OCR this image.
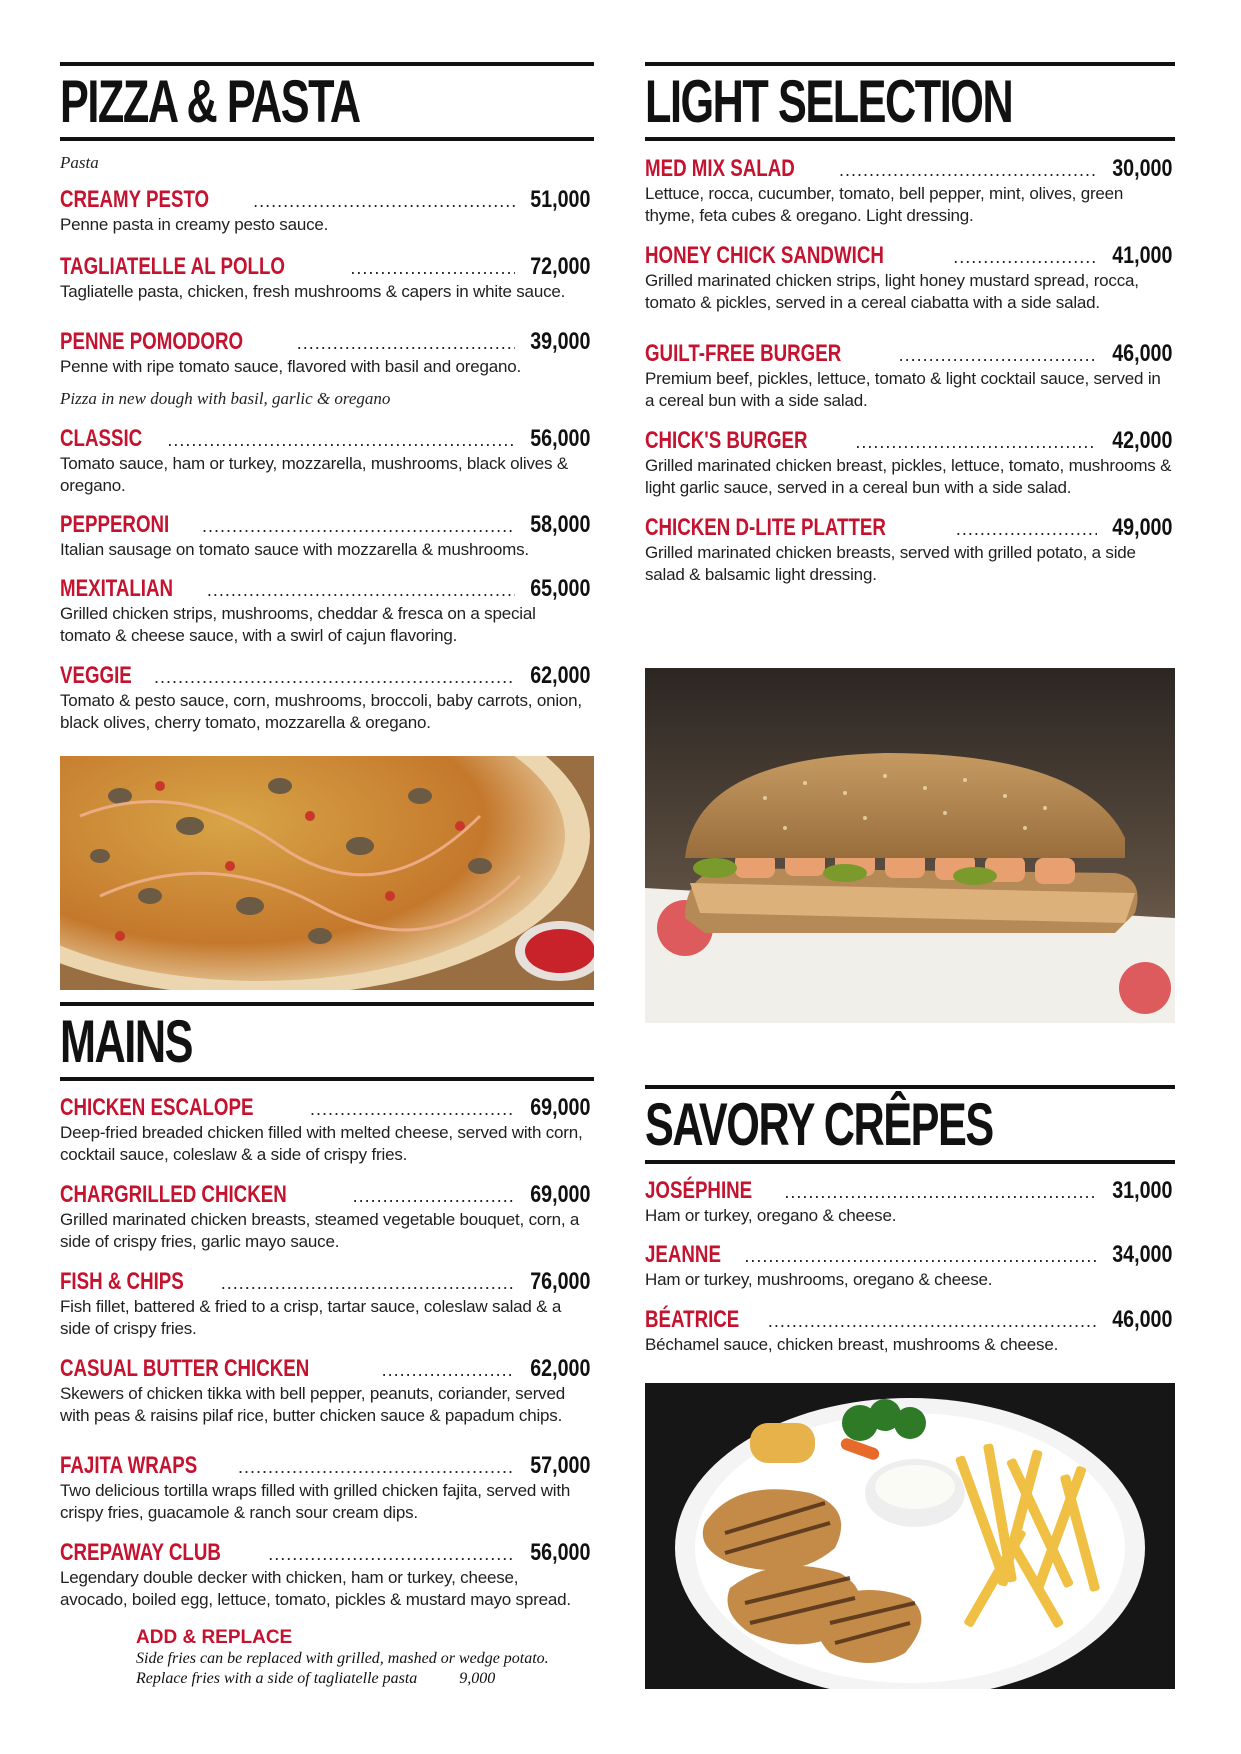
PIZZA & PASTA
Pasta
CREAMY PESTO .....	51,000
Penne pasta in creamy pesto sauce.
TAGLIATELLE AL POLLO .....	72,000
Tagliatelle pasta, chicken, fresh mushrooms & capers in white sauce.
PENNE POMODORO .....	39,000
Penne with ripe tomato sauce, flavored with basil and oregano.
Pizza in new dough with basil, garlic & oregano
CLASSIC .....	56,000
Tomato sauce, ham or turkey, mozzarella, mushrooms, black olives & oregano.
PEPPERONI .....	58,000
Italian sausage on tomato sauce with mozzarella & mushrooms.
MEXITALIAN .....	65,000
Grilled chicken strips, mushrooms, cheddar & fresca on a special tomato & cheese sauce, with a swirl of cajun flavoring.
VEGGIE .....	62,000
Tomato & pesto sauce, corn, mushrooms, broccoli, baby carrots, onion, black olives, cherry tomato, mozzarella & oregano.
MAINS
CHICKEN ESCALOPE .....	69,000
Deep-fried breaded chicken filled with melted cheese, served with corn, cocktail sauce, coleslaw & a side of crispy fries.
CHARGRILLED CHICKEN .....	69,000
Grilled marinated chicken breasts, steamed vegetable bouquet, corn, a side of crispy fries, garlic mayo sauce.
FISH & CHIPS .....	76,000
Fish fillet, battered & fried to a crisp, tartar sauce, coleslaw salad & a side of crispy fries.
CASUAL BUTTER CHICKEN .....	62,000
Skewers of chicken tikka with bell pepper, peanuts, coriander, served with peas & raisins pilaf rice, butter chicken sauce & papadum chips.
FAJITA WRAPS .....	57,000
Two delicious tortilla wraps filled with grilled chicken fajita, served with crispy fries, guacamole & ranch sour cream dips.
CREPAWAY CLUB .....	56,000
Legendary double decker with chicken, ham or turkey, cheese, avocado, boiled egg, lettuce, tomato, pickles & mustard mayo spread.
ADD & REPLACE
Side fries can be replaced with grilled, mashed or wedge potato.
Replace fries with a side of tagliatelle pasta	9,000
LIGHT SELECTION
MED MIX SALAD .....	30,000
Lettuce, rocca, cucumber, tomato, bell pepper, mint, olives, green thyme, feta cubes & oregano. Light dressing.
HONEY CHICK SANDWICH .....	41,000
Grilled marinated chicken strips, light honey mustard spread, rocca, tomato & pickles, served in a cereal ciabatta with a side salad.
GUILT-FREE BURGER .....	46,000
Premium beef, pickles, lettuce, tomato & light cocktail sauce, served in a cereal bun with a side salad.
CHICK'S BURGER .....	42,000
Grilled marinated chicken breast, pickles, lettuce, tomato, mushrooms & light garlic sauce, served in a cereal bun with a side salad.
CHICKEN D-LITE PLATTER .....	49,000
Grilled marinated chicken breasts, served with grilled potato, a side salad & balsamic light dressing.
SAVORY CRÊPES
JOSÉPHINE .....	31,000
Ham or turkey, oregano & cheese.
JEANNE .....	34,000
Ham or turkey, mushrooms, oregano & cheese.
BÉATRICE .....	46,000
Béchamel sauce, chicken breast, mushrooms & cheese.
